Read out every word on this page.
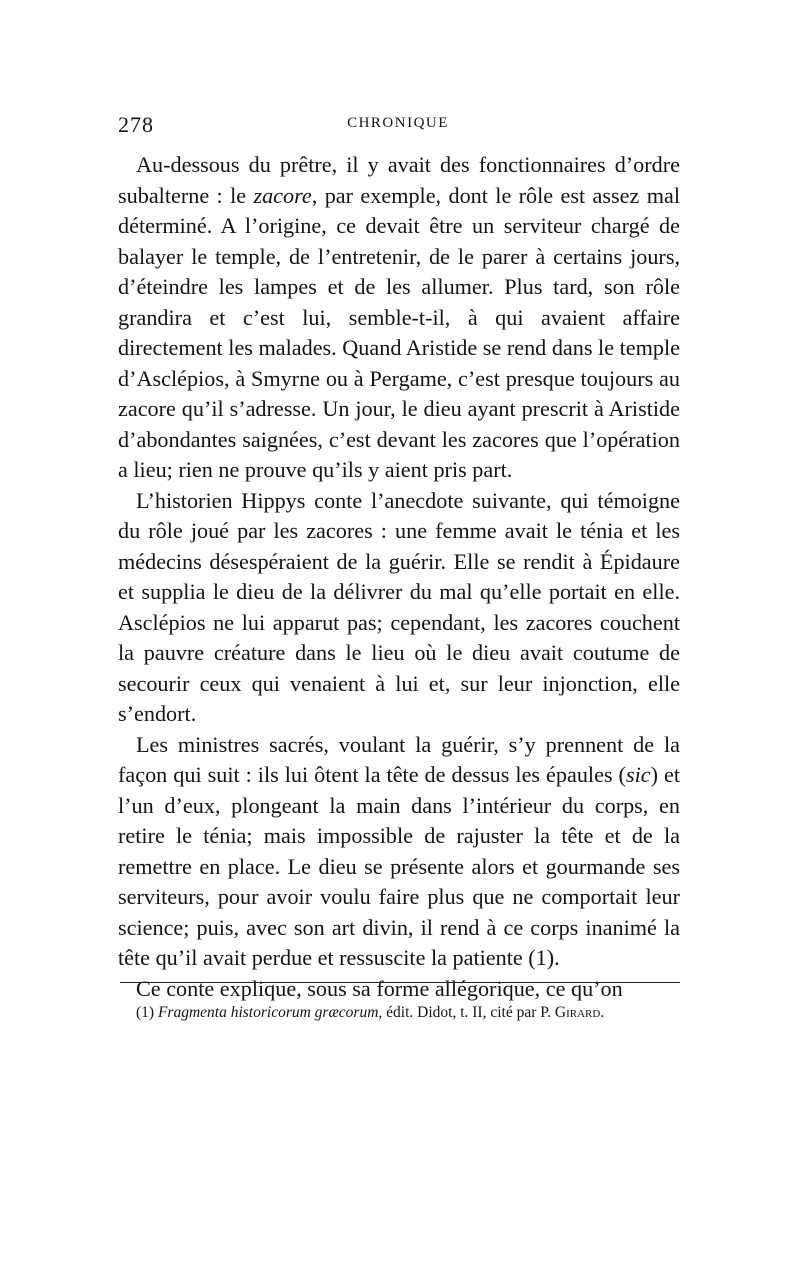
278	CHRONIQUE

Au-dessous du prêtre, il y avait des fonctionnaires d’ordre subalterne : le zacore, par exemple, dont le rôle est assez mal déterminé. A l’origine, ce devait être un serviteur chargé de balayer le temple, de l’entretenir, de le parer à certains jours, d’éteindre les lampes et de les allumer. Plus tard, son rôle grandira et c’est lui, semble-t-il, à qui avaient affaire directement les malades. Quand Aristide se rend dans le temple d’Asclépios, à Smyrne ou à Pergame, c’est presque toujours au zacore qu’il s’adresse. Un jour, le dieu ayant prescrit à Aristide d’abondantes saignées, c’est devant les zacores que l’opération a lieu; rien ne prouve qu’ils y aient pris part.

L’historien Hippys conte l’anecdote suivante, qui témoigne du rôle joué par les zacores : une femme avait le ténia et les médecins désespéraient de la guérir. Elle se rendit à Épidaure et supplia le dieu de la délivrer du mal qu’elle portait en elle. Asclépios ne lui apparut pas; cependant, les zacores couchent la pauvre créature dans le lieu où le dieu avait coutume de secourir ceux qui venaient à lui et, sur leur injonction, elle s’endort.

Les ministres sacrés, voulant la guérir, s’y prennent de la façon qui suit : ils lui ôtent la tête de dessus les épaules (sic) et l’un d’eux, plongeant la main dans l’intérieur du corps, en retire le ténia; mais impossible de rajuster la tête et de la remettre en place. Le dieu se présente alors et gourmande ses serviteurs, pour avoir voulu faire plus que ne comportait leur science; puis, avec son art divin, il rend à ce corps inanimé la tête qu’il avait perdue et ressuscite la patiente (1).

Ce conte explique, sous sa forme allégorique, ce qu’on

(1) Fragmenta historicorum græcorum, édit. Didot, t. II, cité par P. Girard.
